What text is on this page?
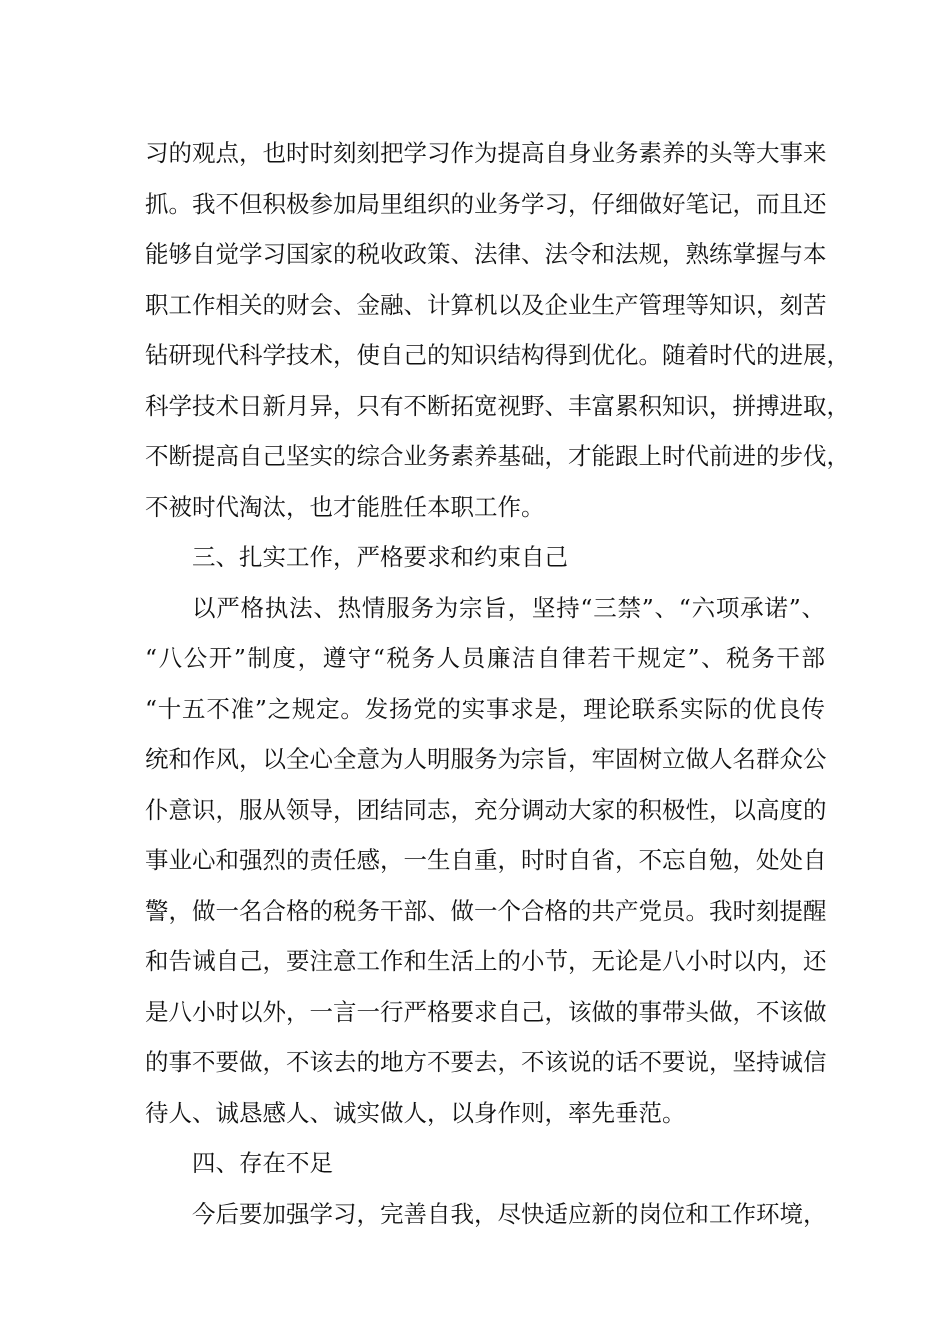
习的观点，也时时刻刻把学习作为提高自身业务素养的头等大事来
抓。我不但积极参加局里组织的业务学习，仔细做好笔记，而且还
能够自觉学习国家的税收政策、法律、法令和法规，熟练掌握与本
职工作相关的财会、金融、计算机以及企业生产管理等知识，刻苦
钻研现代科学技术，使自己的知识结构得到优化。随着时代的进展，
科学技术日新月异，只有不断拓宽视野、丰富累积知识，拼搏进取，
不断提高自己坚实的综合业务素养基础，才能跟上时代前进的步伐，
不被时代淘汰，也才能胜任本职工作。
三、扎实工作，严格要求和约束自己
以严格执法、热情服务为宗旨，坚持“三禁”、“六项承诺”、
“八公开”制度，遵守“税务人员廉洁自律若干规定”、税务干部
“十五不准”之规定。发扬党的实事求是，理论联系实际的优良传
统和作风，以全心全意为人明服务为宗旨，牢固树立做人名群众公
仆意识，服从领导，团结同志，充分调动大家的积极性，以高度的
事业心和强烈的责任感，一生自重，时时自省，不忘自勉，处处自
警，做一名合格的税务干部、做一个合格的共产党员。我时刻提醒
和告诫自己，要注意工作和生活上的小节，无论是八小时以内，还
是八小时以外，一言一行严格要求自己，该做的事带头做，不该做
的事不要做，不该去的地方不要去，不该说的话不要说，坚持诚信
待人、诚恳感人、诚实做人，以身作则，率先垂范。
四、存在不足
今后要加强学习，完善自我，尽快适应新的岗位和工作环境，
